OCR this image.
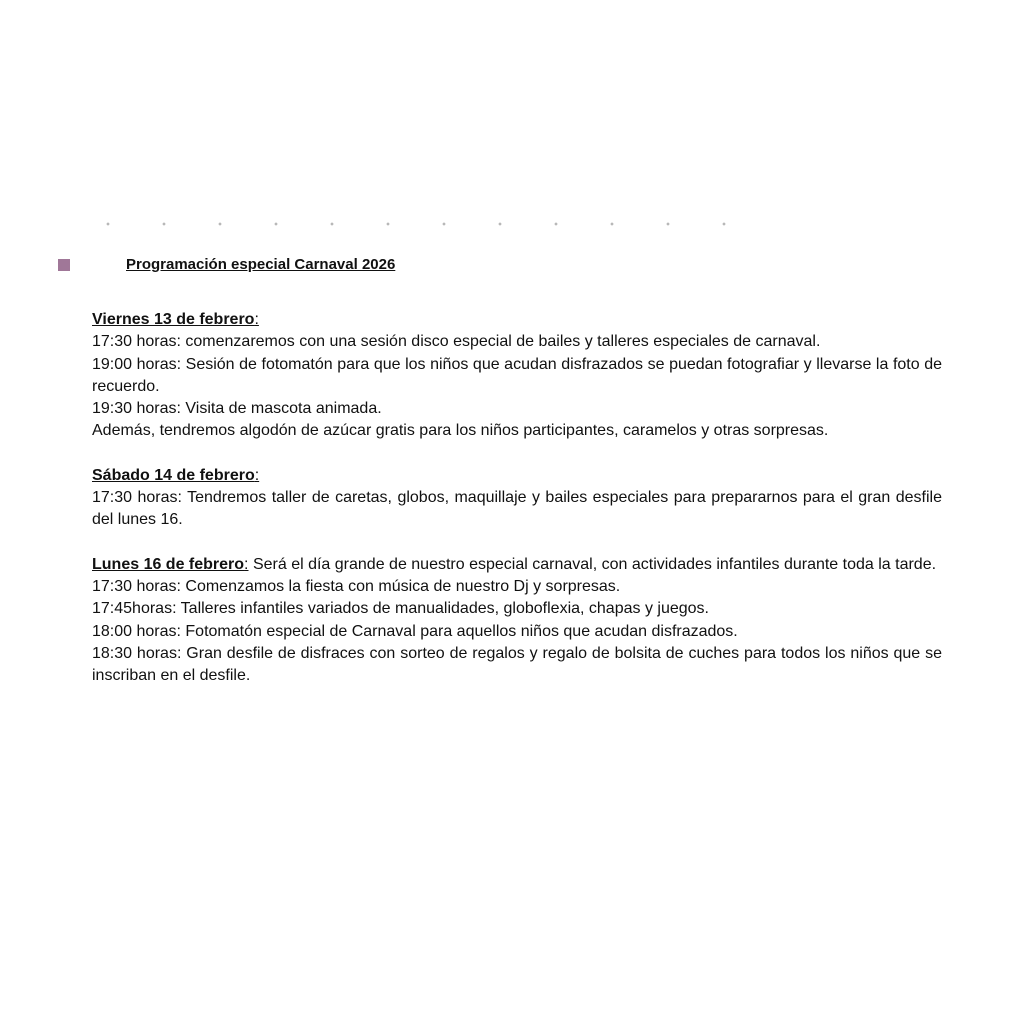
Programación especial Carnaval 2026

Viernes 13 de febrero:

17:30 horas: comenzaremos con una sesión disco especial de bailes y talleres especiales de carnaval.

19:00 horas: Sesión de fotomatón para que los niños que acudan disfrazados se puedan fotografiar y llevarse la foto de recuerdo.

19:30 horas: Visita de mascota animada.

Además, tendremos algodón de azúcar gratis para los niños participantes, caramelos y otras sorpresas.

Sábado 14 de febrero:

17:30 horas: Tendremos taller de caretas, globos, maquillaje y bailes especiales para prepararnos para el gran desfile del lunes 16.

Lunes 16 de febrero: Será el día grande de nuestro especial carnaval, con actividades infantiles durante toda la tarde.

17:30 horas: Comenzamos la fiesta con música de nuestro Dj y sorpresas.

17:45horas: Talleres infantiles variados de manualidades, globoflexia, chapas y juegos.

18:00 horas: Fotomatón especial de Carnaval para aquellos niños que acudan disfrazados.

18:30 horas: Gran desfile de disfraces con sorteo de regalos y regalo de bolsita de cuches para todos los niños que se inscriban en el desfile.
